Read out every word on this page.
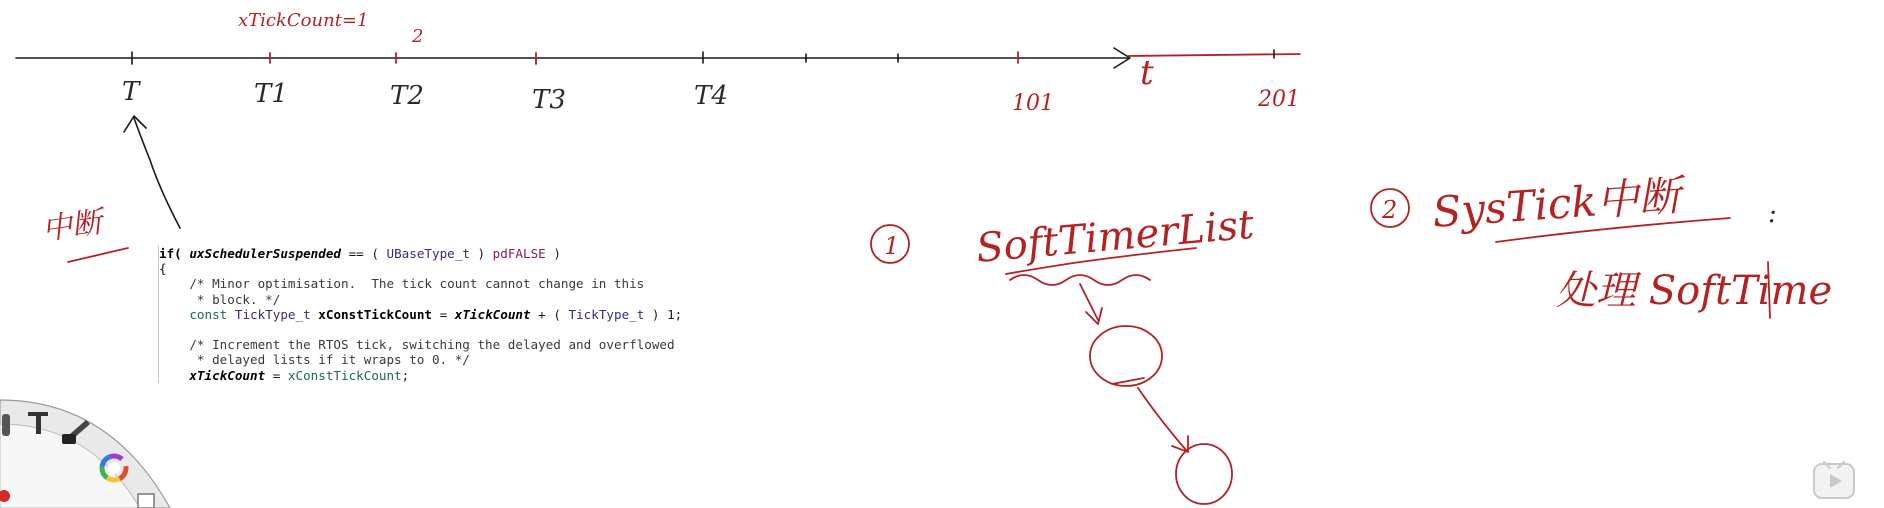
T	T1	T2	T3	T4	101	201
t
xTickCount=1
2
中断	1 SoftTimerList	2 SysTick中断	:
处理 SoftTime
if( uxSchedulerSuspended == ( UBaseType_t ) pdFALSE )
{
/* Minor optimisation.  The tick count cannot change in this
* block. */
const TickType_t xConstTickCount = xTickCount + ( TickType_t ) 1;
/* Increment the RTOS tick, switching the delayed and overflowed
* delayed lists if it wraps to 0. */
xTickCount = xConstTickCount;
